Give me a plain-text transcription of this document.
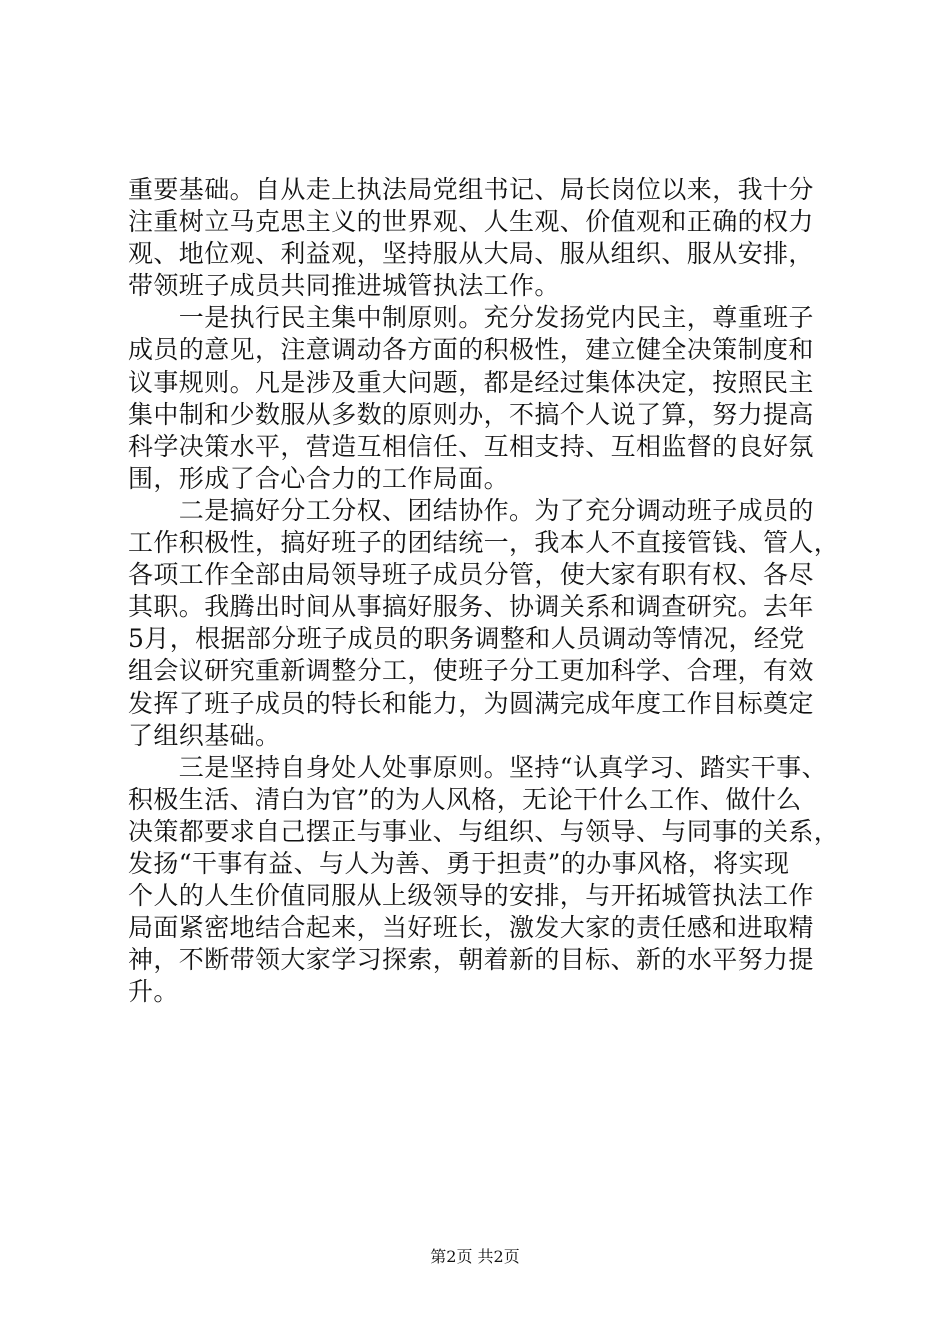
重要基础。自从走上执法局党组书记、局长岗位以来，我十分
注重树立马克思主义的世界观、人生观、价值观和正确的权力
观、地位观、利益观，坚持服从大局、服从组织、服从安排，
带领班子成员共同推进城管执法工作。
　　一是执行民主集中制原则。充分发扬党内民主，尊重班子
成员的意见，注意调动各方面的积极性，建立健全决策制度和
议事规则。凡是涉及重大问题，都是经过集体决定，按照民主
集中制和少数服从多数的原则办，不搞个人说了算，努力提高
科学决策水平，营造互相信任、互相支持、互相监督的良好氛
围，形成了合心合力的工作局面。
　　二是搞好分工分权、团结协作。为了充分调动班子成员的
工作积极性，搞好班子的团结统一，我本人不直接管钱、管人，
各项工作全部由局领导班子成员分管，使大家有职有权、各尽
其职。我腾出时间从事搞好服务、协调关系和调查研究。去年
5月，根据部分班子成员的职务调整和人员调动等情况，经党
组会议研究重新调整分工，使班子分工更加科学、合理，有效
发挥了班子成员的特长和能力，为圆满完成年度工作目标奠定
了组织基础。
　　三是坚持自身处人处事原则。坚持“认真学习、踏实干事、
积极生活、清白为官”的为人风格，无论干什么工作、做什么
决策都要求自己摆正与事业、与组织、与领导、与同事的关系，
发扬“干事有益、与人为善、勇于担责”的办事风格，将实现
个人的人生价值同服从上级领导的安排，与开拓城管执法工作
局面紧密地结合起来，当好班长，激发大家的责任感和进取精
神，不断带领大家学习探索，朝着新的目标、新的水平努力提
升。
第2页 共2页
